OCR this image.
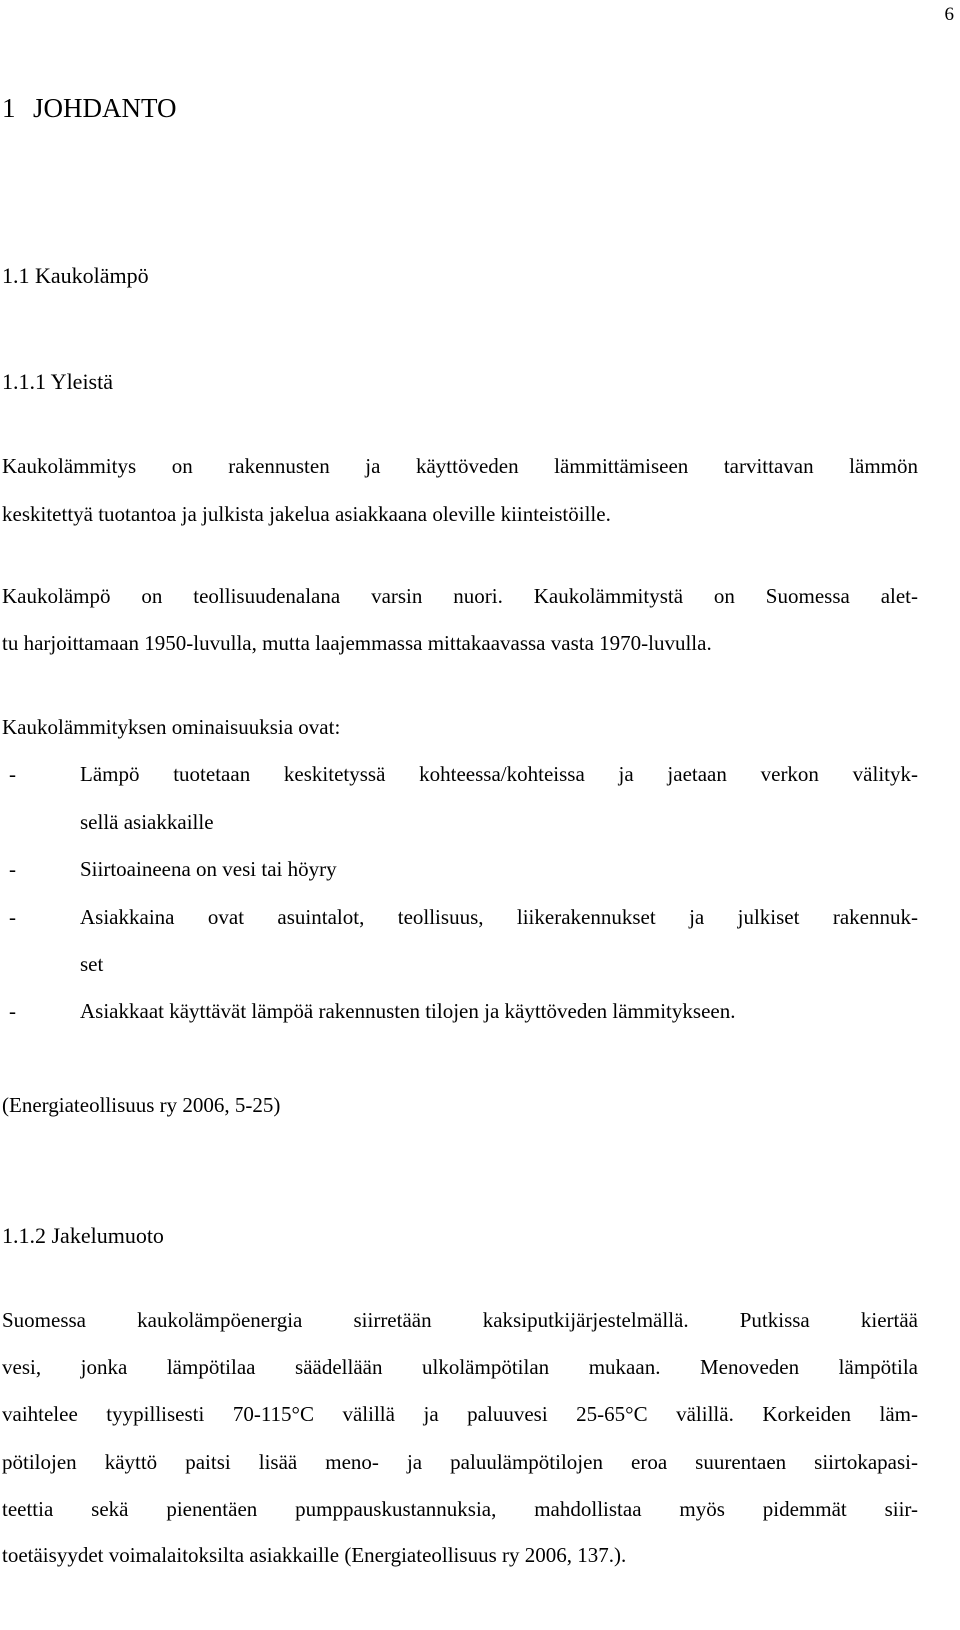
6
1 JOHDANTO
1.1 Kaukolämpö
1.1.1 Yleistä
Kaukolämmitys on rakennusten ja käyttöveden lämmittämiseen tarvittavan lämmön
keskitettyä tuotantoa ja julkista jakelua asiakkaana oleville kiinteistöille.
Kaukolämpö on teollisuudenalana varsin nuori. Kaukolämmitystä on Suomessa alet-
tu harjoittamaan 1950-luvulla, mutta laajemmassa mittakaavassa vasta 1970-luvulla.
Kaukolämmityksen ominaisuuksia ovat:
-	Lämpö tuotetaan keskitetyssä kohteessa/kohteissa ja jaetaan verkon välityk-
sellä asiakkaille
-	Siirtoaineena on vesi tai höyry
-	Asiakkaina ovat asuintalot, teollisuus, liikerakennukset ja julkiset rakennuk-
set
-	Asiakkaat käyttävät lämpöä rakennusten tilojen ja käyttöveden lämmitykseen.
(Energiateollisuus ry 2006, 5-25)
1.1.2 Jakelumuoto
Suomessa kaukolämpöenergia siirretään kaksiputkijärjestelmällä. Putkissa kiertää
vesi, jonka lämpötilaa säädellään ulkolämpötilan mukaan. Menoveden lämpötila
vaihtelee tyypillisesti 70-115°C välillä ja paluuvesi 25-65°C välillä. Korkeiden läm-
pötilojen käyttö paitsi lisää meno- ja paluulämpötilojen eroa suurentaen siirtokapasi-
teettia sekä pienentäen pumppauskustannuksia, mahdollistaa myös pidemmät siir-
toetäisyydet voimalaitoksilta asiakkaille (Energiateollisuus ry 2006, 137.).
